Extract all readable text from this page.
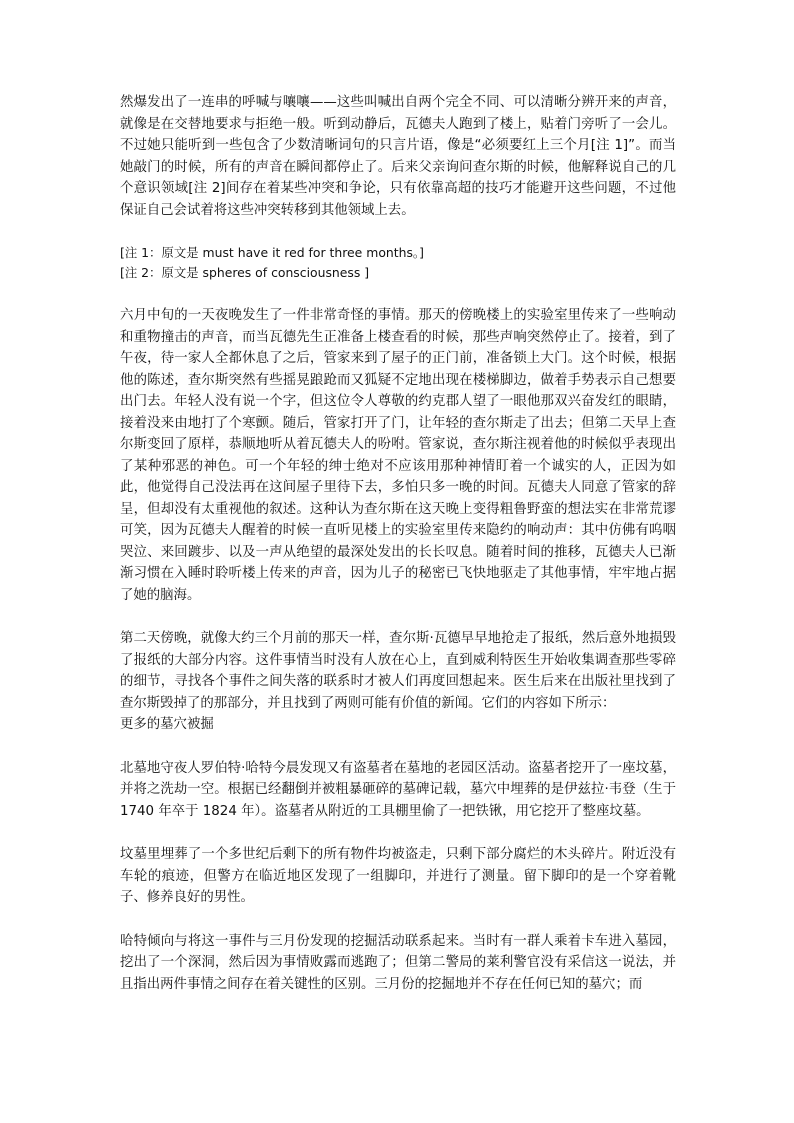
然爆发出了一连串的呼喊与嚷嚷——这些叫喊出自两个完全不同、可以清晰分辨开来的声音，就像是在交替地要求与拒绝一般。听到动静后，瓦德夫人跑到了楼上，贴着门旁听了一会儿。不过她只能听到一些包含了少数清晰词句的只言片语，像是“必须要红上三个月[注 1]”。而当她敲门的时候，所有的声音在瞬间都停止了。后来父亲询问查尔斯的时候，他解释说自己的几个意识领域[注 2]间存在着某些冲突和争论，只有依靠高超的技巧才能避开这些问题，不过他保证自己会试着将这些冲突转移到其他领域上去。

[注 1：原文是 must have it red for three months。]

[注 2：原文是 spheres of consciousness ]

六月中旬的一天夜晚发生了一件非常奇怪的事情。那天的傍晚楼上的实验室里传来了一些响动和重物撞击的声音，而当瓦德先生正准备上楼查看的时候，那些声响突然停止了。接着，到了午夜，待一家人全都休息了之后，管家来到了屋子的正门前，准备锁上大门。这个时候，根据他的陈述，查尔斯突然有些摇晃踉跄而又狐疑不定地出现在楼梯脚边，做着手势表示自己想要出门去。年轻人没有说一个字，但这位令人尊敬的约克郡人望了一眼他那双兴奋发红的眼睛，接着没来由地打了个寒颤。随后，管家打开了门，让年轻的查尔斯走了出去；但第二天早上查尔斯变回了原样，恭顺地听从着瓦德夫人的吩咐。管家说，查尔斯注视着他的时候似乎表现出了某种邪恶的神色。可一个年轻的绅士绝对不应该用那种神情盯着一个诚实的人，正因为如此，他觉得自己没法再在这间屋子里待下去，多怕只多一晚的时间。瓦德夫人同意了管家的辞呈，但却没有太重视他的叙述。这种认为查尔斯在这天晚上变得粗鲁野蛮的想法实在非常荒谬可笑，因为瓦德夫人醒着的时候一直听见楼上的实验室里传来隐约的响动声：其中仿佛有呜咽哭泣、来回踱步、以及一声从绝望的最深处发出的长长叹息。随着时间的推移，瓦德夫人已渐渐习惯在入睡时聆听楼上传来的声音，因为儿子的秘密已飞快地驱走了其他事情，牢牢地占据了她的脑海。

第二天傍晚，就像大约三个月前的那天一样，查尔斯·瓦德早早地抢走了报纸，然后意外地损毁了报纸的大部分内容。这件事情当时没有人放在心上，直到威利特医生开始收集调查那些零碎的细节，寻找各个事件之间失落的联系时才被人们再度回想起来。医生后来在出版社里找到了查尔斯毁掉了的那部分，并且找到了两则可能有价值的新闻。它们的内容如下所示：

更多的墓穴被掘

北墓地守夜人罗伯特·哈特今晨发现又有盗墓者在墓地的老园区活动。盗墓者挖开了一座坟墓，并将之洗劫一空。根据已经翻倒并被粗暴砸碎的墓碑记载，墓穴中埋葬的是伊兹拉·韦登（生于 1740 年卒于 1824 年）。盗墓者从附近的工具棚里偷了一把铁锹，用它挖开了整座坟墓。

坟墓里埋葬了一个多世纪后剩下的所有物件均被盗走，只剩下部分腐烂的木头碎片。附近没有车轮的痕迹，但警方在临近地区发现了一组脚印，并进行了测量。留下脚印的是一个穿着靴子、修养良好的男性。

哈特倾向与将这一事件与三月份发现的挖掘活动联系起来。当时有一群人乘着卡车进入墓园，挖出了一个深洞，然后因为事情败露而逃跑了；但第二警局的莱利警官没有采信这一说法，并且指出两件事情之间存在着关键性的区别。三月份的挖掘地并不存在任何已知的墓穴；而
